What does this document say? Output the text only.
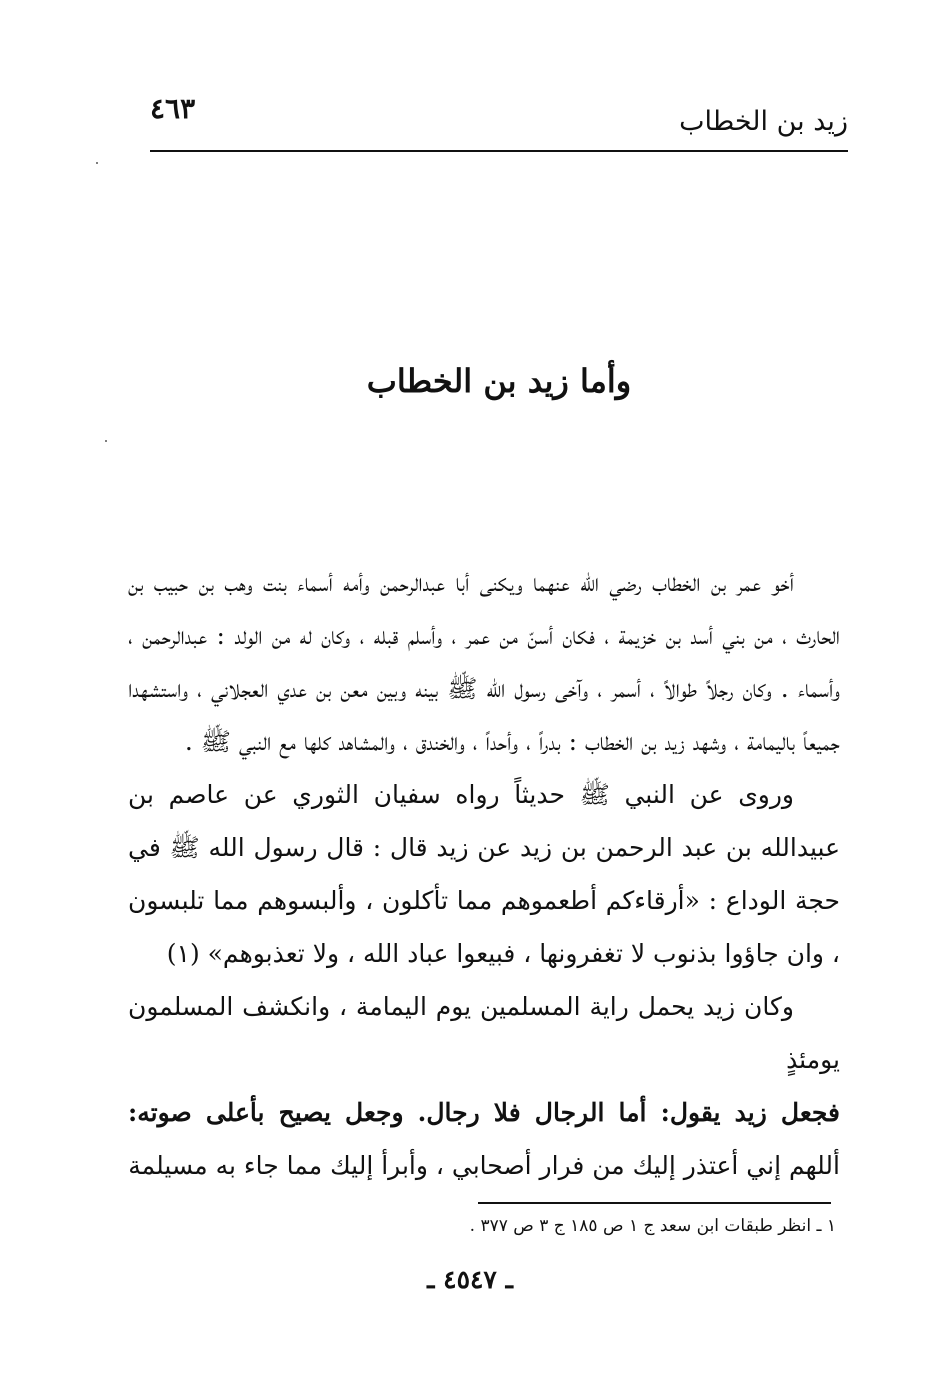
زيد بن الخطاب
٤٦٣
وأما زيد بن الخطاب

أخو عمر بن الخطاب رضي الله عنهما ويكنى أبا عبدالرحمن وأمه أسماء بنت وهب بن حبيب بن الحارث ، من بني أسد بن خزيمة ، فكان أسنّ من عمر ، وأسلم قبله ، وكان له من الولد : عبدالرحمن ، وأسماء . وكان رجلاً طوالاً ، أسمر ، وآخى رسول الله ﷺ بينه وبين معن بن عدي العجلاني ، واستشهدا جميعاً باليمامة ، وشهد زيد بن الخطاب : بدراً ، وأحداً ، والخندق ، والمشاهد كلها مع النبي ﷺ .

وروى عن النبي ﷺ حديثاً رواه سفيان الثوري عن عاصم بن عبيدالله بن عبد الرحمن بن زيد عن زيد قال : قال رسول الله ﷺ في حجة الوداع : «أرقاءكم أطعموهم مما تأكلون ، وألبسوهم مما تلبسون ، وان جاؤوا بذنوب لا تغفرونها ، فبيعوا عباد الله ، ولا تعذبوهم» (١)

وكان زيد يحمل راية المسلمين يوم اليمامة ، وانكشف المسلمون يومئذٍ

فجعل زيد يقول: أما الرجال فلا رجال. وجعل يصيح بأعلى صوته: أللهم إني أعتذر إليك من فرار أصحابي ، وأبرأ إليك مما جاء به مسيلمة

١ ـ انظر طبقات ابن سعد ج ١ ص ١٨٥ ج ٣ ص ٣٧٧ .
ـ ٤٥٤٧ ـ
